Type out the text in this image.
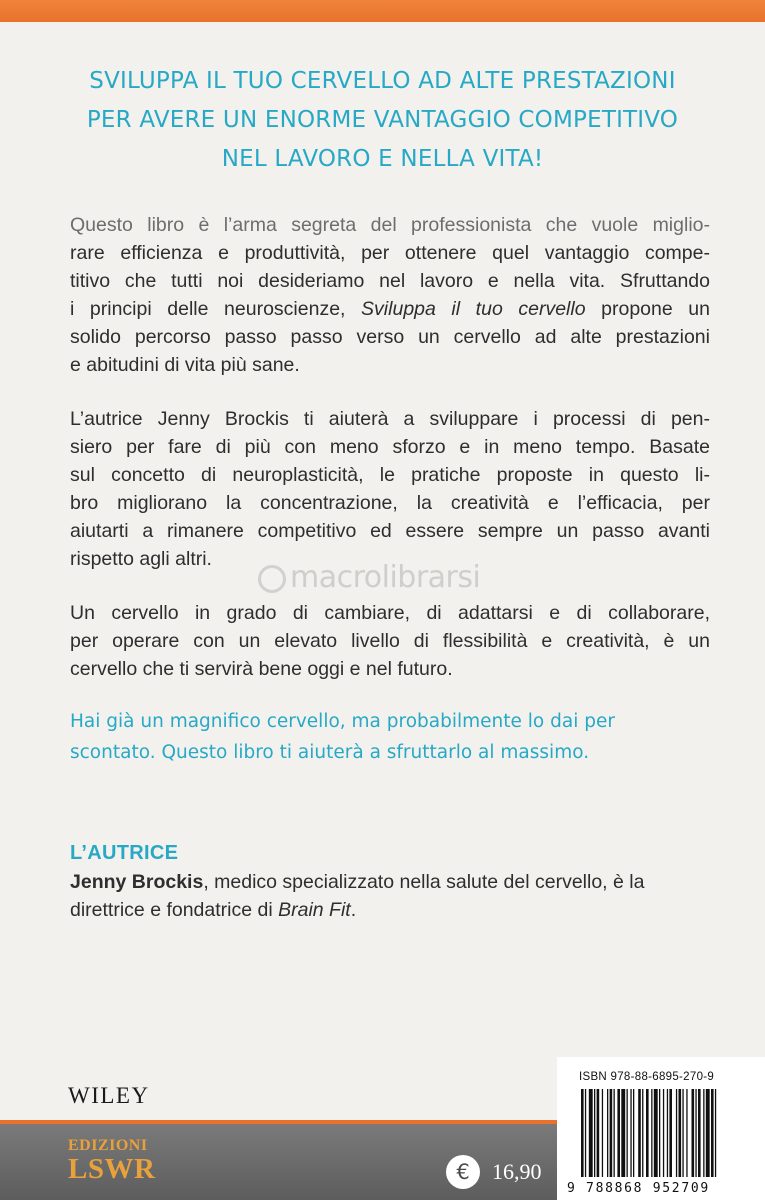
SVILUPPA IL TUO CERVELLO AD ALTE PRESTAZIONI
PER AVERE UN ENORME VANTAGGIO COMPETITIVO
NEL LAVORO E NELLA VITA!
Questo libro è l’arma segreta del professionista che vuole miglio-
rare efficienza e produttività, per ottenere quel vantaggio compe-
titivo che tutti noi desideriamo nel lavoro e nella vita. Sfruttando
i principi delle neuroscienze, Sviluppa il tuo cervello propone un
solido percorso passo passo verso un cervello ad alte prestazioni
e abitudini di vita più sane.
L’autrice Jenny Brockis ti aiuterà a sviluppare i processi di pen-
siero per fare di più con meno sforzo e in meno tempo. Basate
sul concetto di neuroplasticità, le pratiche proposte in questo li-
bro migliorano la concentrazione, la creatività e l’efficacia, per
aiutarti a rimanere competitivo ed essere sempre un passo avanti
rispetto agli altri.
macrolibrarsi
Un cervello in grado di cambiare, di adattarsi e di collaborare,
per operare con un elevato livello di flessibilità e creatività, è un
cervello che ti servirà bene oggi e nel futuro.
Hai già un magnifico cervello, ma probabilmente lo dai per
scontato. Questo libro ti aiuterà a sfruttarlo al massimo.
L’AUTRICE
Jenny Brockis, medico specializzato nella salute del cervello, è la
direttrice e fondatrice di Brain Fit.
WILEY
EDIZIONI
LSWR	€	16,90
ISBN 978-88-6895-270-9
9 788868 952709
